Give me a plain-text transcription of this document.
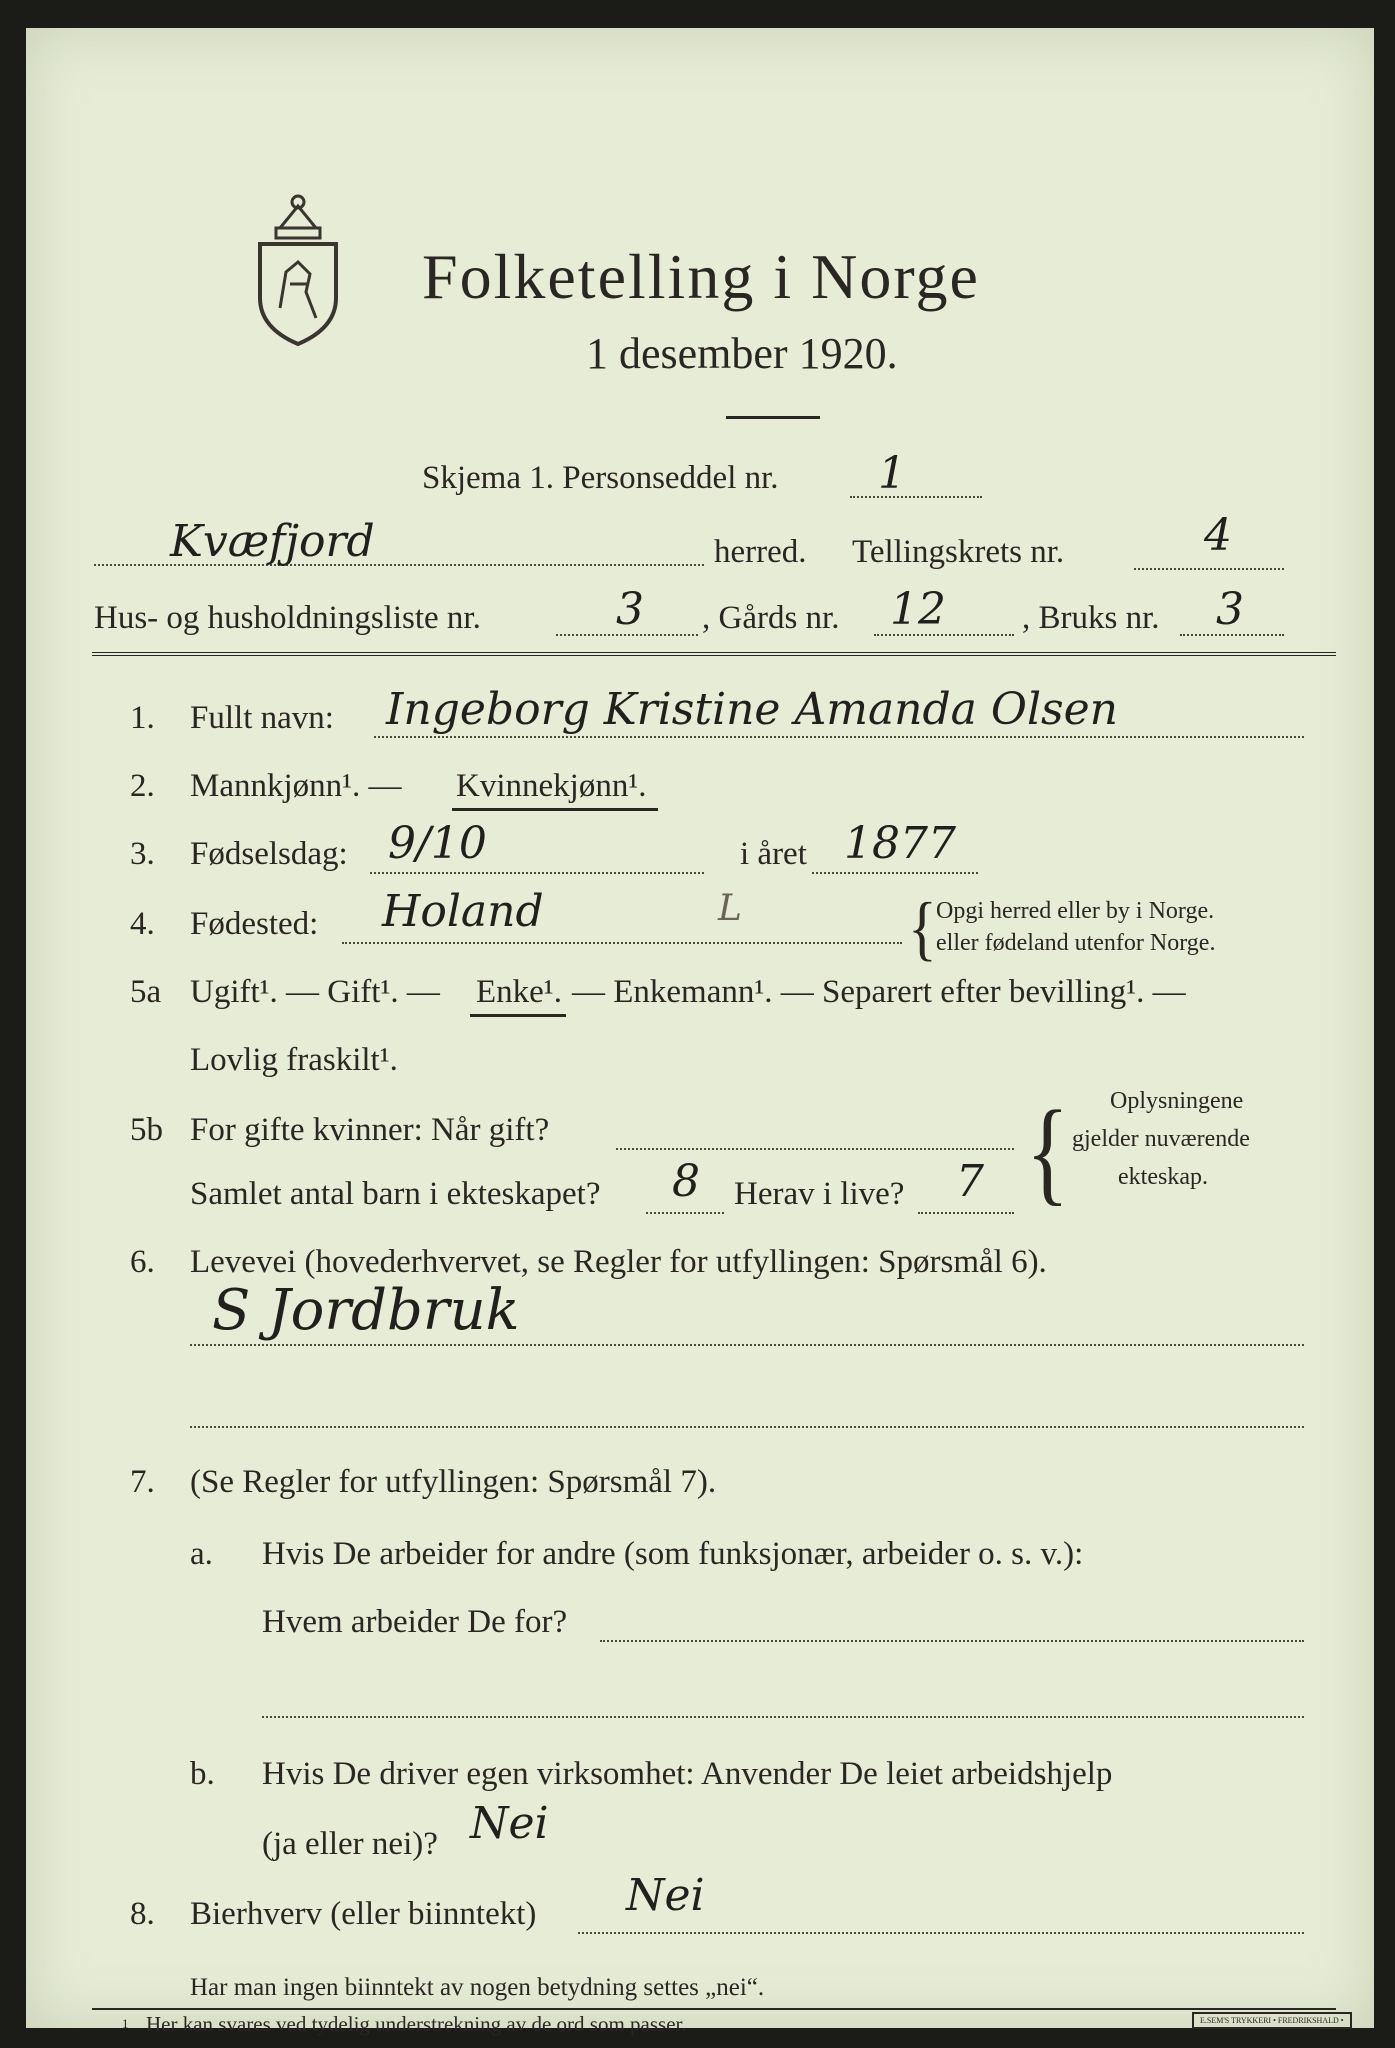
Folketelling i Norge
1 desember 1920.
Skjema 1. Personseddel nr. 1
Kvæfjord	herred. Tellingskrets nr.	4
Hus- og husholdningsliste nr.	3 , Gårds nr. 12 , Bruks nr. 3
1. Fullt navn: Ingeborg Kristine Amanda Olsen
2. Mannkjønn¹. — Kvinnekjønn¹.
3. Fødselsdag: 9/10	i året 1877
4. Fødested: Holand	L	{ Opgi herred eller by i Norge.
eller fødeland utenfor Norge.
5a Ugift¹. — Gift¹. — Enke¹. — Enkemann¹. — Separert efter bevilling¹. —
Lovlig fraskilt¹.
5b For gifte kvinner: Når gift?
Samlet antal barn i ekteskapet? 8 Herav i live? 7 { Oplysningene
gjelder nuværende
ekteskap.
6. Levevei (hovederhvervet, se Regler for utfyllingen: Spørsmål 6).
S Jordbruk
7. (Se Regler for utfyllingen: Spørsmål 7).
a. Hvis De arbeider for andre (som funksjonær, arbeider o. s. v.):
Hvem arbeider De for?
b. Hvis De driver egen virksomhet: Anvender De leiet arbeidshjelp
(ja eller nei)? Nei
8. Bierhverv (eller biinntekt) Nei
Har man ingen biinntekt av nogen betydning settes „nei“.
1 Her kan svares ved tydelig understrekning av de ord som passer.	E.SEM'S TRYKKERI • FREDRIKSHALD •
